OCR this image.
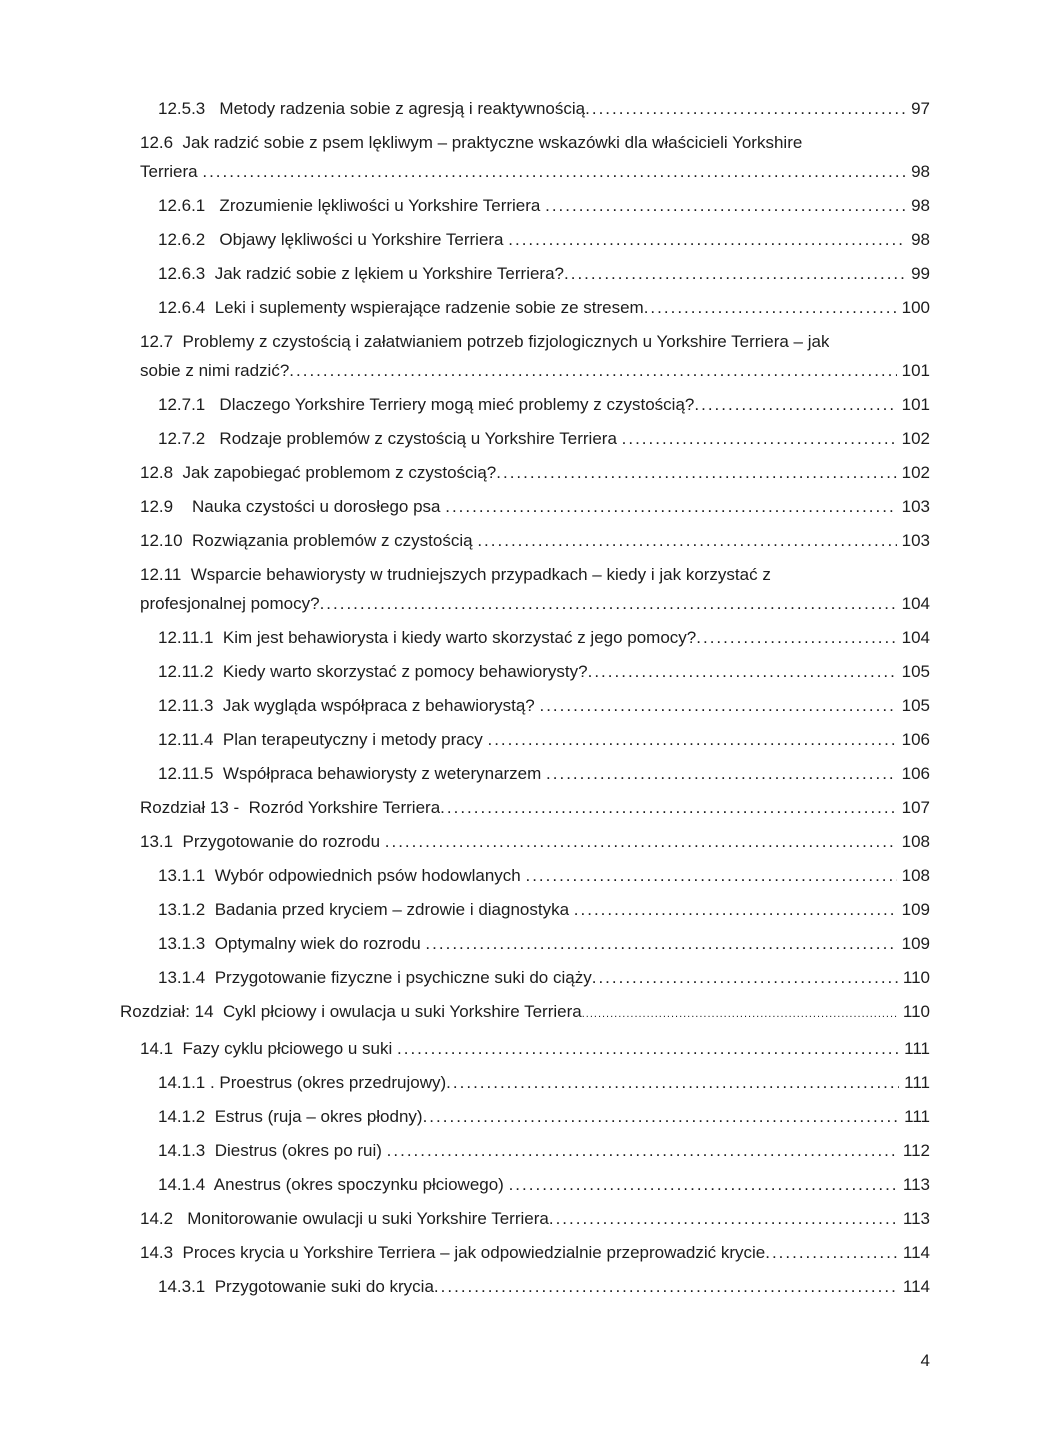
12.5.3   Metody radzenia sobie z agresją i reaktywnością .....	97
12.6  Jak radzić sobie z psem lękliwym – praktyczne wskazówki dla właścicieli Yorkshire
Terriera .....	98
12.6.1   Zrozumienie lękliwości u Yorkshire Terriera .....	98
12.6.2   Objawy lękliwości u Yorkshire Terriera .....	98
12.6.3  Jak radzić sobie z lękiem u Yorkshire Terriera? .....	99
12.6.4  Leki i suplementy wspierające radzenie sobie ze stresem .....	100
12.7  Problemy z czystością i załatwianiem potrzeb fizjologicznych u Yorkshire Terriera – jak
sobie z nimi radzić? .....	101
12.7.1   Dlaczego Yorkshire Terriery mogą mieć problemy z czystością? .....	101
12.7.2   Rodzaje problemów z czystością u Yorkshire Terriera .....	102
12.8  Jak zapobiegać problemom z czystością? .....	102
12.9    Nauka czystości u dorosłego psa .....	103
12.10  Rozwiązania problemów z czystością .....	103
12.11  Wsparcie behawiorysty w trudniejszych przypadkach – kiedy i jak korzystać z
profesjonalnej pomocy? .....	104
12.11.1  Kim jest behawiorysta i kiedy warto skorzystać z jego pomocy? .....	104
12.11.2  Kiedy warto skorzystać z pomocy behawiorysty? .....	105
12.11.3  Jak wygląda współpraca z behawiorystą? .....	105
12.11.4  Plan terapeutyczny i metody pracy .....	106
12.11.5  Współpraca behawiorysty z weterynarzem .....	106
Rozdział 13 -  Rozród Yorkshire Terriera .....	107
13.1  Przygotowanie do rozrodu .....	108
13.1.1  Wybór odpowiednich psów hodowlanych .....	108
13.1.2  Badania przed kryciem – zdrowie i diagnostyka .....	109
13.1.3  Optymalny wiek do rozrodu .....	109
13.1.4  Przygotowanie fizyczne i psychiczne suki do ciąży .....	110
Rozdział: 14  Cykl płciowy i owulacja u suki Yorkshire Terriera .....	110
14.1  Fazy cyklu płciowego u suki .....	111
14.1.1 . Proestrus (okres przedrujowy) .....	111
14.1.2  Estrus (ruja – okres płodny) .....	111
14.1.3  Diestrus (okres po rui) .....	112
14.1.4  Anestrus (okres spoczynku płciowego) .....	113
14.2   Monitorowanie owulacji u suki Yorkshire Terriera .....	113
14.3  Proces krycia u Yorkshire Terriera – jak odpowiedzialnie przeprowadzić krycie .....	114
14.3.1  Przygotowanie suki do krycia .....	114
4
